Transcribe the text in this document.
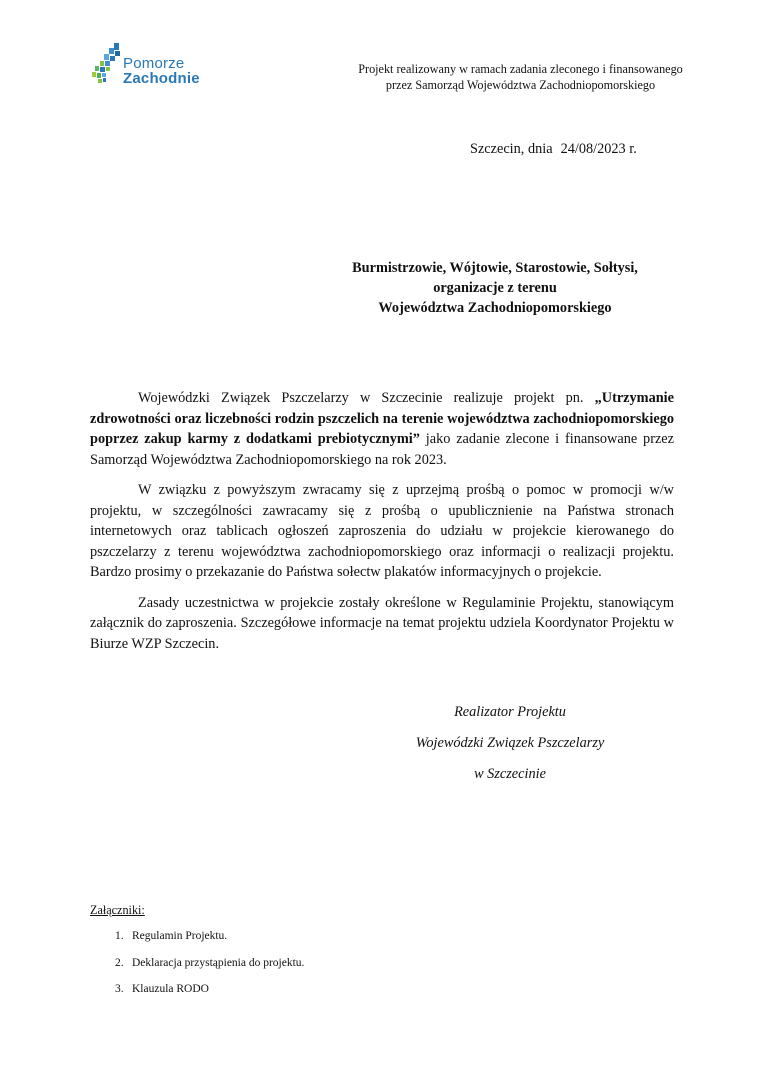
Pomorze
Zachodnie
Projekt realizowany w ramach zadania zleconego i finansowanego
przez Samorząd Województwa Zachodniopomorskiego
Szczecin, dnia 24/08/2023 r.
Burmistrzowie, Wójtowie, Starostowie, Sołtysi,
organizacje z terenu
Województwa Zachodniopomorskiego

Wojewódzki Związek Pszczelarzy w Szczecinie realizuje projekt pn. „Utrzymanie zdrowotności oraz liczebności rodzin pszczelich na terenie województwa zachodniopomorskiego poprzez zakup karmy z dodatkami prebiotycznymi” jako zadanie zlecone i finansowane przez Samorząd Województwa Zachodniopomorskiego na rok 2023.

W związku z powyższym zwracamy się z uprzejmą prośbą o pomoc w promocji w/w projektu, w szczególności zawracamy się z prośbą o upublicznienie na Państwa stronach internetowych oraz tablicach ogłoszeń zaproszenia do udziału w projekcie kierowanego do pszczelarzy z terenu województwa zachodniopomorskiego oraz informacji o realizacji projektu. Bardzo prosimy o przekazanie do Państwa sołectw plakatów informacyjnych o projekcie.

Zasady uczestnictwa w projekcie zostały określone w Regulaminie Projektu, stanowiącym załącznik do zaproszenia. Szczegółowe informacje na temat projektu udziela Koordynator Projektu w Biurze WZP Szczecin.

Realizator Projektu
Wojewódzki Związek Pszczelarzy
w Szczecinie
Załączniki:
1. Regulamin Projektu.
2. Deklaracja przystąpienia do projektu.
3. Klauzula RODO
